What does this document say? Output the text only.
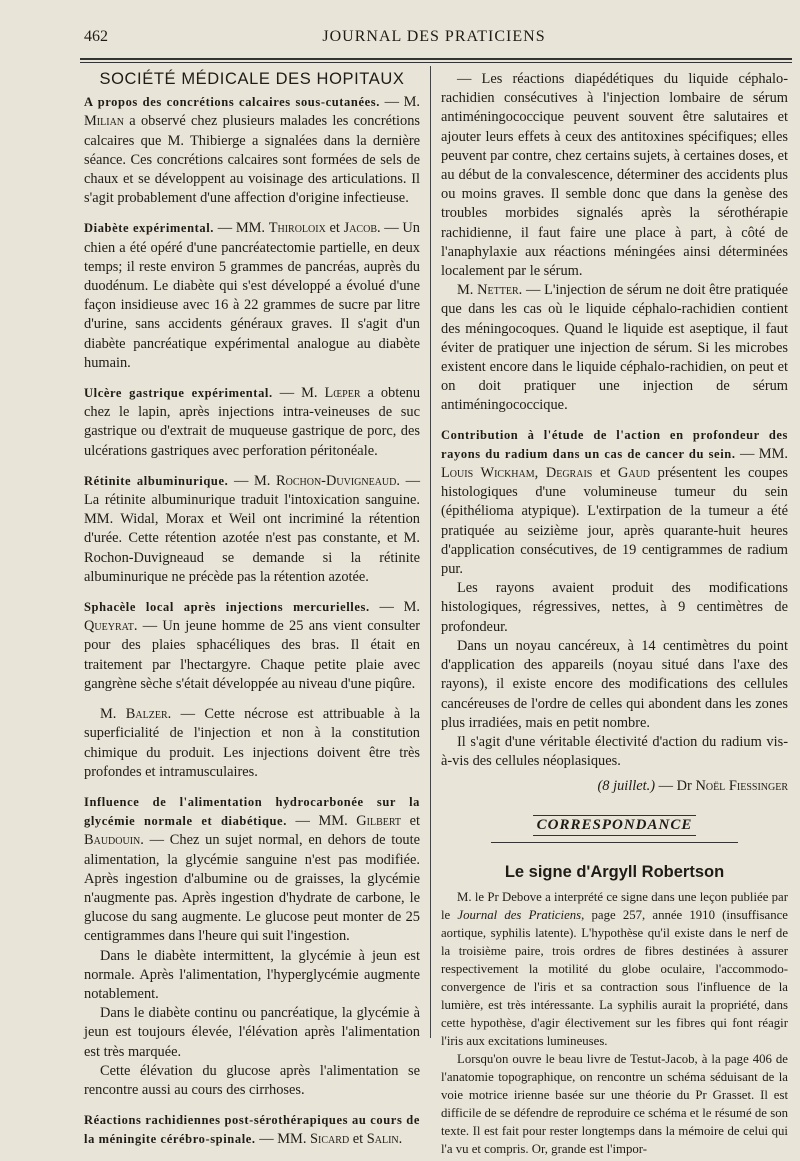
462	JOURNAL DES PRATICIENS
SOCIÉTÉ MÉDICALE DES HOPITAUX

A propos des concrétions calcaires sous-cutanées. — M. Milian a observé chez plusieurs malades les concrétions calcaires que M. Thibierge a signalées dans la dernière séance. Ces concrétions calcaires sont formées de sels de chaux et se développent au voisinage des articulations. Il s'agit probablement d'une affection d'origine infectieuse.

Diabète expérimental. — MM. Thiroloix et Jacob. — Un chien a été opéré d'une pancréatectomie partielle, en deux temps; il reste environ 5 grammes de pancréas, auprès du duodénum. Le diabète qui s'est développé a évolué d'une façon insidieuse avec 16 à 22 grammes de sucre par litre d'urine, sans accidents généraux graves. Il s'agit d'un diabète pancréatique expérimental analogue au diabète humain.

Ulcère gastrique expérimental. — M. Lœper a obtenu chez le lapin, après injections intra-veineuses de suc gastrique ou d'extrait de muqueuse gastrique de porc, des ulcérations gastriques avec perforation péritonéale.

Rétinite albuminurique. — M. Rochon-Duvigneaud. — La rétinite albuminurique traduit l'intoxication sanguine. MM. Widal, Morax et Weil ont incriminé la rétention d'urée. Cette rétention azotée n'est pas constante, et M. Rochon-Duvigneaud se demande si la rétinite albuminurique ne précède pas la rétention azotée.

Sphacèle local après injections mercurielles. — M. Queyrat. — Un jeune homme de 25 ans vient consulter pour des plaies sphacéliques des bras. Il était en traitement par l'hectargyre. Chaque petite plaie avec gangrène sèche s'était développée au niveau d'une piqûre.

M. Balzer. — Cette nécrose est attribuable à la superficialité de l'injection et non à la constitution chimique du produit. Les injections doivent être très profondes et intramusculaires.

Influence de l'alimentation hydrocarbonée sur la glycémie normale et diabétique. — MM. Gilbert et Baudouin. — Chez un sujet normal, en dehors de toute alimentation, la glycémie sanguine n'est pas modifiée. Après ingestion d'albumine ou de graisses, la glycémie n'augmente pas. Après ingestion d'hydrate de carbone, le glucose du sang augmente. Le glucose peut monter de 25 centigrammes dans l'heure qui suit l'ingestion.

Dans le diabète intermittent, la glycémie à jeun est normale. Après l'alimentation, l'hyperglycémie augmente notablement.

Dans le diabète continu ou pancréatique, la glycémie à jeun est toujours élevée, l'élévation après l'alimentation est très marquée.

Cette élévation du glucose après l'alimentation se rencontre aussi au cours des cirrhoses.

Réactions rachidiennes post-sérothérapiques au cours de la méningite cérébro-spinale. — MM. Sicard et Salin.

— Les réactions diapédétiques du liquide céphalo-rachidien consécutives à l'injection lombaire de sérum antiméningococcique peuvent souvent être salutaires et ajouter leurs effets à ceux des antitoxines spécifiques; elles peuvent par contre, chez certains sujets, à certaines doses, et au début de la convalescence, déterminer des accidents plus ou moins graves. Il semble donc que dans la genèse des troubles morbides signalés après la sérothérapie rachidienne, il faut faire une place à part, à côté de l'anaphylaxie aux réactions méningées ainsi déterminées localement par le sérum.

M. Netter. — L'injection de sérum ne doit être pratiquée que dans les cas où le liquide céphalo-rachidien contient des méningocoques. Quand le liquide est aseptique, il faut éviter de pratiquer une injection de sérum. Si les microbes existent encore dans le liquide céphalo-rachidien, on peut et on doit pratiquer une injection de sérum antiméningococcique.

Contribution à l'étude de l'action en profondeur des rayons du radium dans un cas de cancer du sein. — MM. Louis Wickham, Degrais et Gaud présentent les coupes histologiques d'une volumineuse tumeur du sein (épithélioma atypique). L'extirpation de la tumeur a été pratiquée au seizième jour, après quarante-huit heures d'application consécutives, de 19 centigrammes de radium pur.

Les rayons avaient produit des modifications histologiques, régressives, nettes, à 9 centimètres de profondeur.

Dans un noyau cancéreux, à 14 centimètres du point d'application des appareils (noyau situé dans l'axe des rayons), il existe encore des modifications des cellules cancéreuses de l'ordre de celles qui abondent dans les zones plus irradiées, mais en petit nombre.

Il s'agit d'une véritable électivité d'action du radium vis-à-vis des cellules néoplasiques.

(8 juillet.) — Dr Noël Fiessinger

CORRESPONDANCE
Le signe d'Argyll Robertson

M. le Pr Debove a interprété ce signe dans une leçon publiée par le Journal des Praticiens, page 257, année 1910 (insuffisance aortique, syphilis latente). L'hypothèse qu'il existe dans le nerf de la troisième paire, trois ordres de fibres destinées à assurer respectivement la motilité du globe oculaire, l'accommodo-convergence de l'iris et sa contraction sous l'influence de la lumière, est très intéressante. La syphilis aurait la propriété, dans cette hypothèse, d'agir électivement sur les fibres qui font réagir l'iris aux excitations lumineuses.

Lorsqu'on ouvre le beau livre de Testut-Jacob, à la page 406 de l'anatomie topographique, on rencontre un schéma séduisant de la voie motrice irienne basée sur une théorie du Pr Grasset. Il est difficile de se défendre de reproduire ce schéma et le résumé de son texte. Il est fait pour rester longtemps dans la mémoire de celui qui l'a vu et compris. Or, grande est l'impor-
